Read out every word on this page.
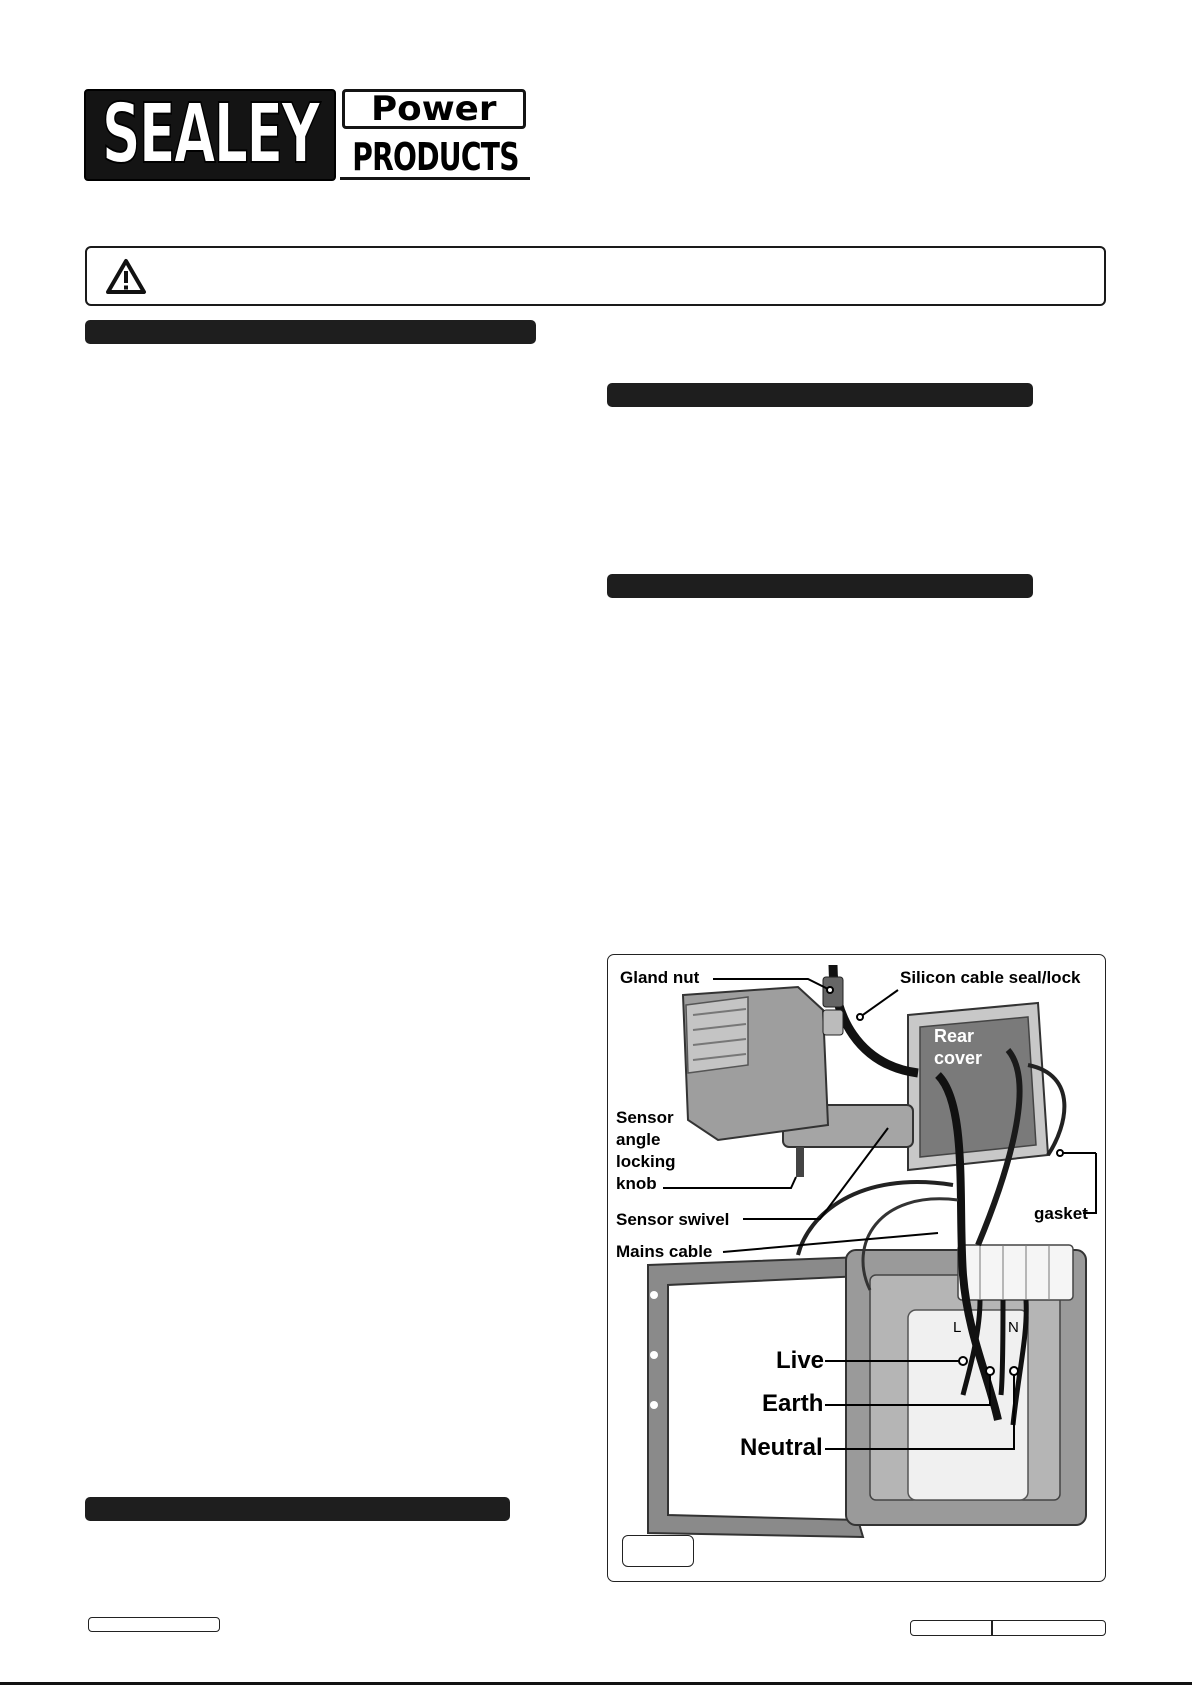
SEALEY Power
PRODUCTS
Gland nut	Silicon cable seal/lock
Rear
cover
Sensor
angle
locking
knob
Sensor swivel
Mains cable
gasket
L	N
Live
Earth
Neutral
